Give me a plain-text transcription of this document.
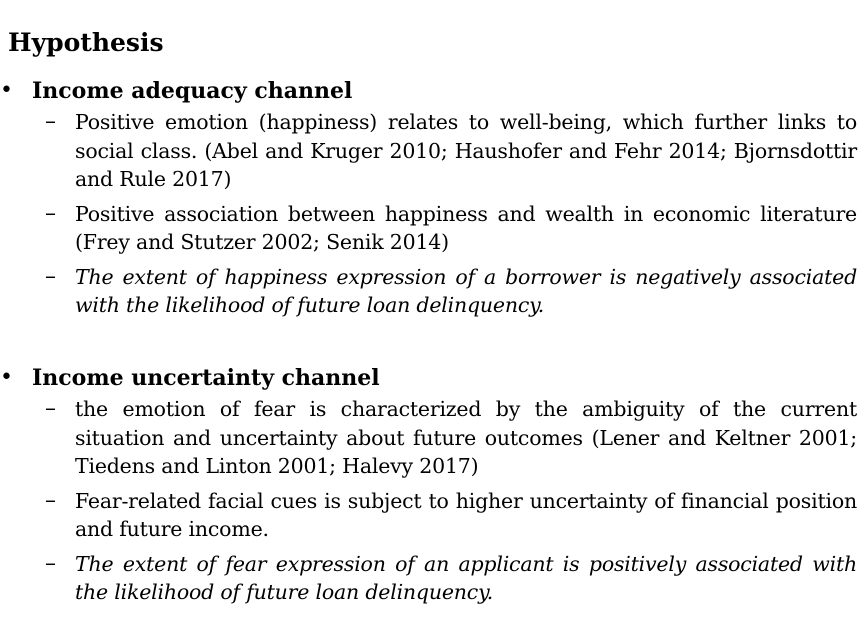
Hypothesis
• Income adequacy channel
– Positive emotion (happiness) relates to well-being, which further links to social class. (Abel and Kruger 2010; Haushofer and Fehr 2014; Bjornsdottir and Rule 2017)
– Positive association between happiness and wealth in economic literature (Frey and Stutzer 2002; Senik 2014)
– The extent of happiness expression of a borrower is negatively associated with the likelihood of future loan delinquency.
• Income uncertainty channel
– the emotion of fear is characterized by the ambiguity of the current situation and uncertainty about future outcomes (Lener and Keltner 2001; Tiedens and Linton 2001; Halevy 2017)
– Fear-related facial cues is subject to higher uncertainty of financial position and future income.
– The extent of fear expression of an applicant is positively associated with the likelihood of future loan delinquency.
